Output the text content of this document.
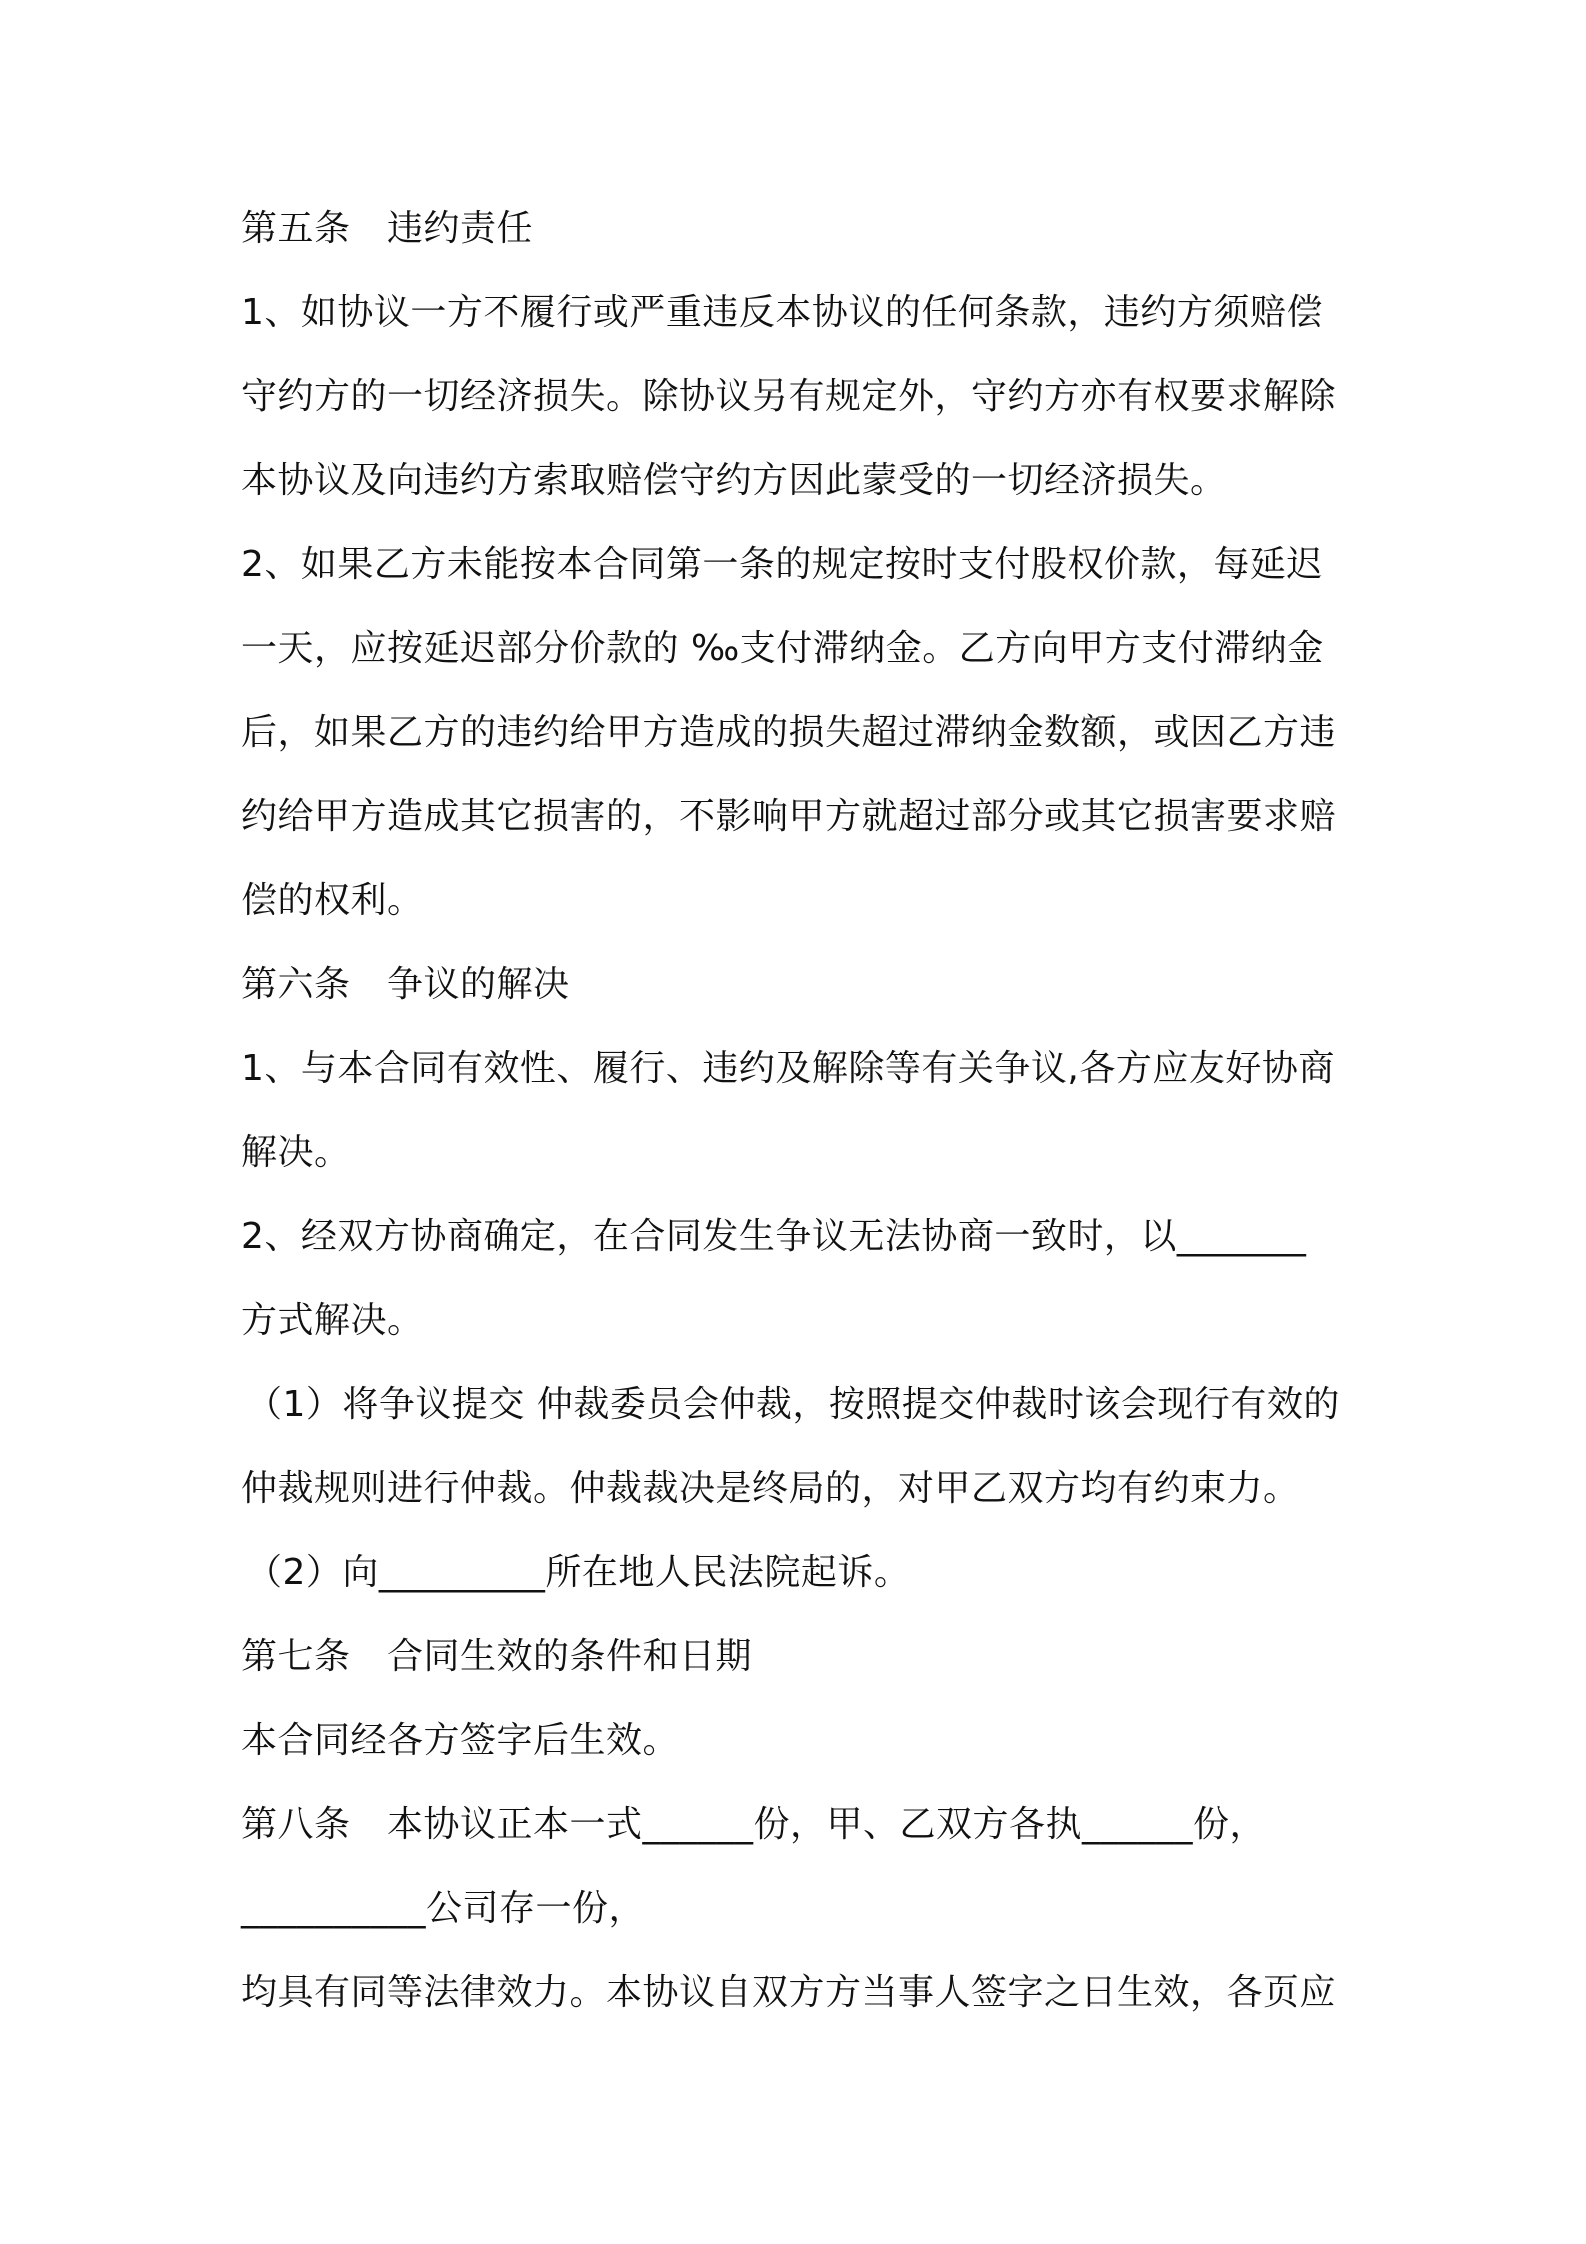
第五条　违约责任
1、如协议一方不履行或严重违反本协议的任何条款，违约方须赔偿
守约方的一切经济损失。除协议另有规定外，守约方亦有权要求解除
本协议及向违约方索取赔偿守约方因此蒙受的一切经济损失。
2、如果乙方未能按本合同第一条的规定按时支付股权价款，每延迟
一天，应按延迟部分价款的 ‰支付滞纳金。乙方向甲方支付滞纳金
后，如果乙方的违约给甲方造成的损失超过滞纳金数额，或因乙方违
约给甲方造成其它损害的，不影响甲方就超过部分或其它损害要求赔
偿的权利。
第六条　争议的解决
1、与本合同有效性、履行、违约及解除等有关争议,各方应友好协商
解决。
2、经双方协商确定，在合同发生争议无法协商一致时，以_______
方式解决。
（1）将争议提交 仲裁委员会仲裁，按照提交仲裁时该会现行有效的
仲裁规则进行仲裁。仲裁裁决是终局的，对甲乙双方均有约束力。
（2）向_________所在地人民法院起诉。
第七条　合同生效的条件和日期
本合同经各方签字后生效。
第八条　本协议正本一式______份，甲、乙双方各执______份，
__________公司存一份，
均具有同等法律效力。本协议自双方方当事人签字之日生效，各页应
